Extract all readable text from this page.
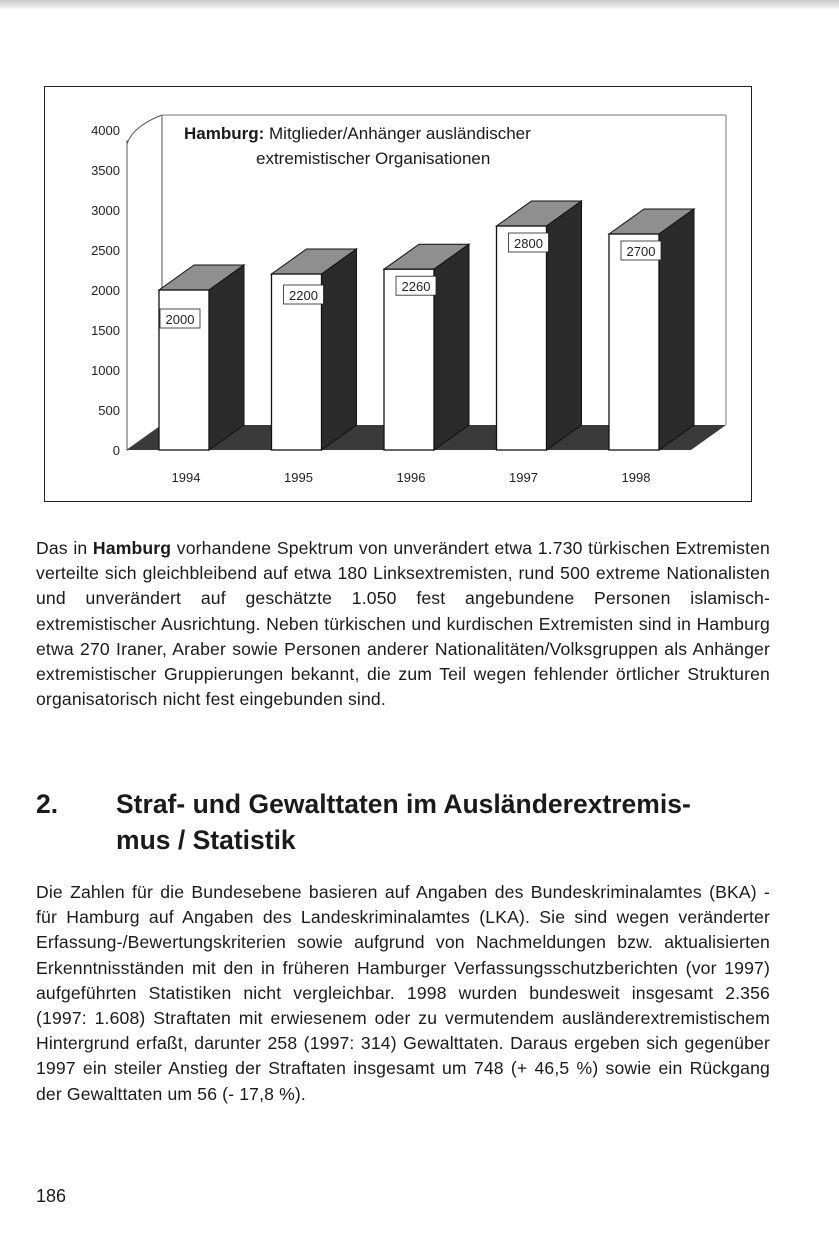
2000
2200
2260
2800
2700
0
500
1000
1500
2000
2500
3000
3500
4000
1994	1995	1996	1997	1998
Hamburg: Mitglieder/Anhänger ausländischer
extremistischer Organisationen

Das in Hamburg vorhandene Spektrum von unverändert etwa 1.730 türkischen Extremisten verteilte sich gleichbleibend auf etwa 180 Linksextremisten, rund 500 extreme Nationalisten und unverändert auf geschätzte 1.050 fest angebundene Personen islamisch-extremistischer Ausrichtung. Neben türkischen und kurdischen Extremisten sind in Hamburg etwa 270 Iraner, Araber sowie Personen anderer Nationalitäten/Volksgruppen als Anhänger extremistischer Gruppierungen bekannt, die zum Teil wegen fehlender örtlicher Strukturen organisatorisch nicht fest eingebunden sind.

2. Straf- und Gewalttaten im Ausländerextremis-
mus / Statistik

Die Zahlen für die Bundesebene basieren auf Angaben des Bundeskriminalamtes (BKA) - für Hamburg auf Angaben des Landeskriminalamtes (LKA). Sie sind wegen veränderter Erfassung-/Bewertungskriterien sowie aufgrund von Nachmeldungen bzw. aktualisierten Erkenntnisständen mit den in früheren Hamburger Verfassungsschutzberichten (vor 1997) aufgeführten Statistiken nicht vergleichbar. 1998 wurden bundesweit insgesamt 2.356 (1997: 1.608) Straftaten mit erwiesenem oder zu vermutendem ausländerextremistischem Hintergrund erfaßt, darunter 258 (1997: 314) Gewalttaten. Daraus ergeben sich gegenüber 1997 ein steiler Anstieg der Straftaten insgesamt um 748 (+ 46,5 %) sowie ein Rückgang der Gewalttaten um 56 (- 17,8 %).

186
